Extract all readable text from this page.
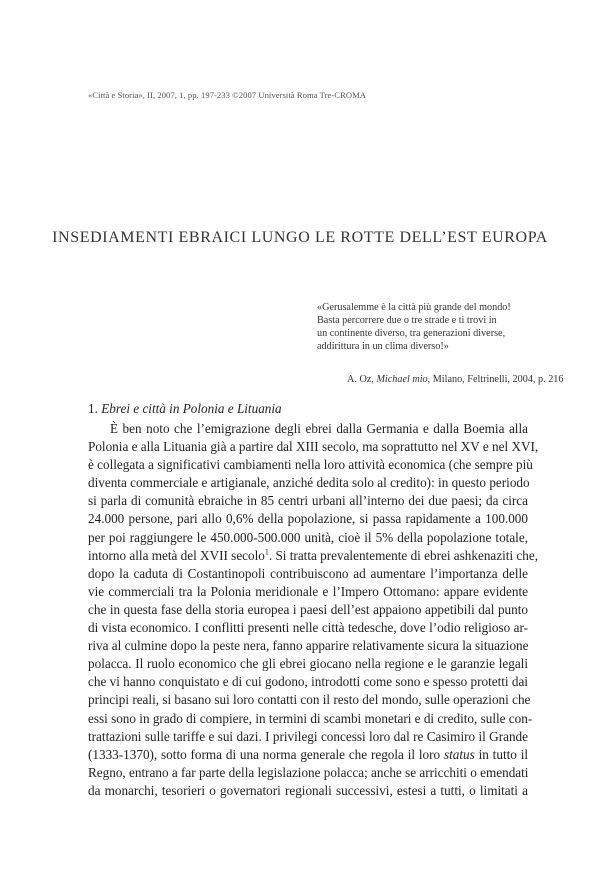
«Città e Storia», II, 2007, 1, pp. 197-233 ©2007 Università Roma Tre-CROMA
INSEDIAMENTI EBRAICI LUNGO LE ROTTE DELL’EST EUROPA
«Gerusalemme è la città più grande del mondo!
Basta percorrere due o tre strade e ti trovi in
un continente diverso, tra generazioni diverse,
addirittura in un clima diverso!»
A. Oz, Michael mio, Milano, Feltrinelli, 2004, p. 216
1. Ebrei e città in Polonia e Lituania
È ben noto che l’emigrazione degli ebrei dalla Germania e dalla Boemia alla
Polonia e alla Lituania già a partire dal XIII secolo, ma soprattutto nel XV e nel XVI,
è collegata a significativi cambiamenti nella loro attività economica (che sempre più
diventa commerciale e artigianale, anziché dedita solo al credito): in questo periodo
si parla di comunità ebraiche in 85 centri urbani all’interno dei due paesi; da circa
24.000 persone, pari allo 0,6% della popolazione, si passa rapidamente a 100.000
per poi raggiungere le 450.000-500.000 unità, cioè il 5% della popolazione totale,
intorno alla metà del XVII secolo$^1$. Si tratta prevalentemente di ebrei ashkenaziti che,
dopo la caduta di Costantinopoli contribuiscono ad aumentare l’importanza delle
vie commerciali tra la Polonia meridionale e l’Impero Ottomano: appare evidente
che in questa fase della storia europea i paesi dell’est appaiono appetibili dal punto
di vista economico. I conflitti presenti nelle città tedesche, dove l’odio religioso ar-
riva al culmine dopo la peste nera, fanno apparire relativamente sicura la situazione
polacca. Il ruolo economico che gli ebrei giocano nella regione e le garanzie legali
che vi hanno conquistato e di cui godono, introdotti come sono e spesso protetti dai
principi reali, si basano sui loro contatti con il resto del mondo, sulle operazioni che
essi sono in grado di compiere, in termini di scambi monetari e di credito, sulle con-
trattazioni sulle tariffe e sui dazi. I privilegi concessi loro dal re Casimiro il Grande
(1333-1370), sotto forma di una norma generale che regola il loro status in tutto il
Regno, entrano a far parte della legislazione polacca; anche se arricchiti o emendati
da monarchi, tesorieri o governatori regionali successivi, estesi a tutti, o limitati a
